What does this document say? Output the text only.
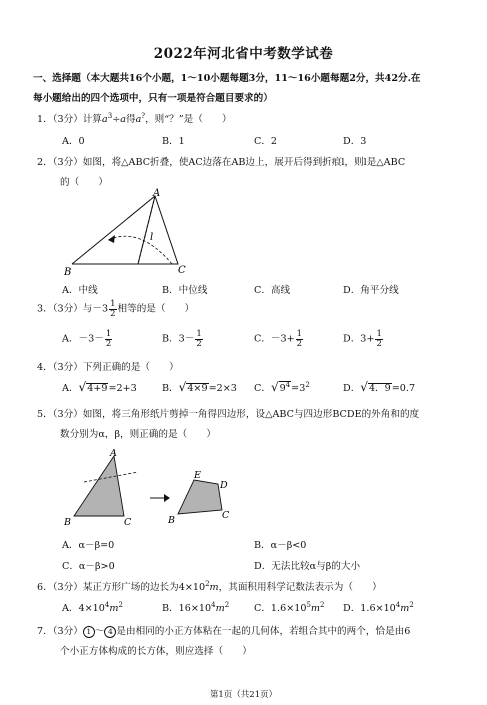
2022年河北省中考数学试卷
一、选择题（本大题共16个小题，1～10小题每题3分，11～16小题每题2分，共42分.在
每小题给出的四个选项中，只有一项是符合题目要求的）
1．（3分）计算$a^3\div a$得a?，则“？”是（　　）
A．0	B．1	C．2	D．3
2．（3分）如图，将△ABC折叠，使AC边落在AB边上，展开后得到折痕l，则l是△ABC
的（　　）
A
B	C
l
A．中线	B．中位线	C．高线	D．角平分线
3．（3分）与$-3 \frac{1}{2}$ 相等的是（　　）
A．$-3- \frac{1}{2}$	B．$3- \frac{1}{2}$	C．$-3+ \frac{1}{2}$	D．$3+ \frac{1}{2}$
4．（3分）下列正确的是（　　）
A．√4+9=2+3	B．√4×9=2×3 C．$√9^4=3^2$	D．√4．9=0.7
5．（3分）如图，将三角形纸片剪掉一角得四边形，设△ABC与四边形BCDE的外角和的度
数分别为α，β，则正确的是（　　）
A
B	C
E
D
B	C
A．α－β=0	B．α－β<0
C．α－β>0	D．无法比较α与β的大小
6．（3分）某正方形广场的边长为$4\times 10^2m$，其面积用科学记数法表示为（　　）
A．$4\times 10^4m^2$	B．$16\times 10^4m^2$	C．$1.6\times 10^5m^2$ D．$1.6\times 10^4m^2$
7．（3分） 1 ～ 4 是由相同的小正方体粘在一起的几何体，若组合其中的两个，恰是由6
个小正方体构成的长方体，则应选择（　　）
第1页（共21页）
